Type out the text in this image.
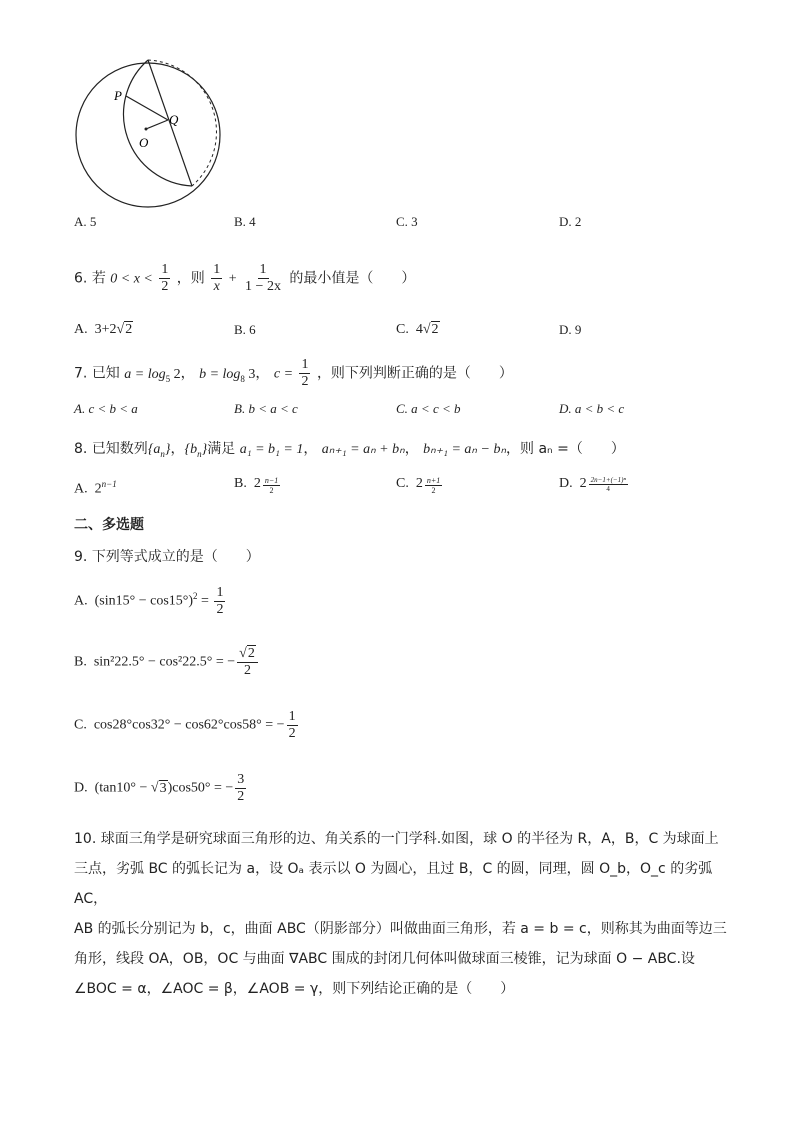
P
Q
O
A. 5	B. 4	C. 3	D. 2
6. 若 $0 < x < \frac{1}{2}$ ，则 $\frac{1}{x} + \frac{1}{1 - 2x}$ 的最小值是（　　）
A. 3+2√2	B. 6	C. 4√2	D. 9
7. 已知 $a = \log_5 2$， $b = \log_8 3$， $c = \frac{1}{2}$ ，则下列判断正确的是（　　）
A. c < b < a	B. b < a < c	C. a < c < b	D. a < b < c
8. 已知数列$\{a_n\}$，$\{b_n\}$满足 a₁ = b₁ = 1， aₙ₊₁ = aₙ + bₙ， bₙ₊₁ = aₙ − bₙ，则 aₙ =（　　）
A. $2^{n-1}$	B. $2 \frac{n-1}{2}$	C. $2 \frac{n+1}{2}$	D. $2 \frac{\text{2n−1+(−1)ⁿ}}{4}$
二、多选题
9. 下列等式成立的是（　　）
A. $(\sin 15^\circ - \cos 15^\circ)^2 = \frac{1}{2}$
B. sin²22.5° − cos²22.5° = − $\frac{√2}{2}$
C. cos28°cos32° − cos62°cos58° = − $\frac{1}{2}$
D. (tan10° − √3)cos50° = − $\frac{3}{2}$
10. 球面三角学是研究球面三角形的边、角关系的一门学科.如图，球 O 的半径为 R，A，B，C 为球面上
三点，劣弧 BC 的弧长记为 a，设 Oₐ 表示以 O 为圆心，且过 B，C 的圆，同理，圆 O_b，O_c 的劣弧 AC，
AB 的弧长分别记为 b，c，曲面 ABC（阴影部分）叫做曲面三角形，若 a = b = c，则称其为曲面等边三
角形，线段 OA，OB，OC 与曲面 ∇ABC 围成的封闭几何体叫做球面三棱锥，记为球面 O − ABC.设
∠BOC = α，∠AOC = β，∠AOB = γ，则下列结论正确的是（　　）
